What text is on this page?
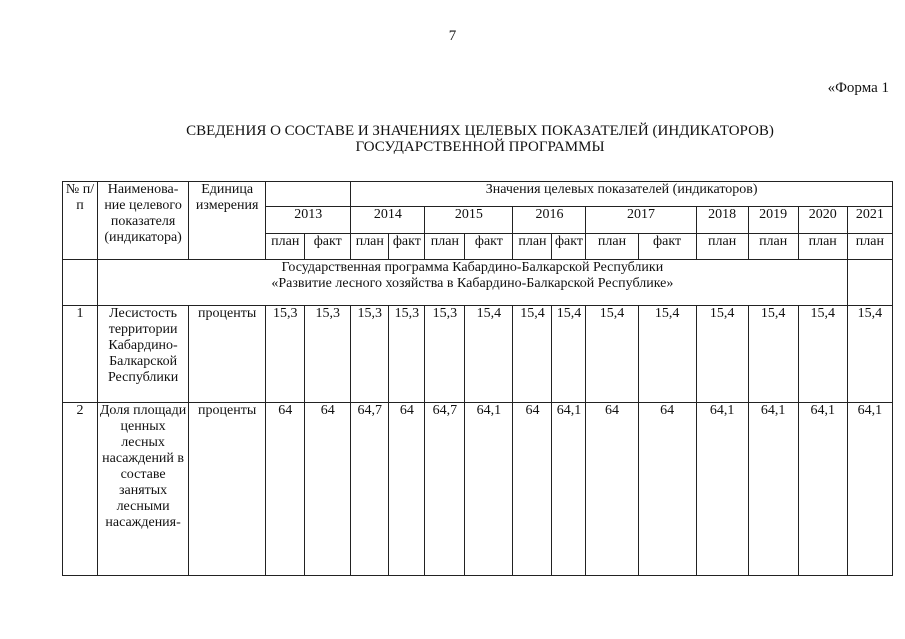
7
«Форма 1
СВЕДЕНИЯ О СОСТАВЕ И ЗНАЧЕНИЯХ ЦЕЛЕВЫХ ПОКАЗАТЕЛЕЙ (ИНДИКАТОРОВ)
ГОСУДАРСТВЕННОЙ ПРОГРАММЫ
№ п/п	Наименова-ние целевого показателя (индикатора)	Единица измерения			Значения целевых показателей (индикаторов)											
			2013		2014		2015		2016		2017		2018	2019	2020	2021
			план	факт	план	факт	план	факт	план	факт	план	факт	план	план	план	план

	Государственная программа Кабардино-Балкарской Республики
«Развитие лесного хозяйства в Кабардино-Балкарской Республике»															

1	Лесистость территории Кабардино-Балкарской Республики	проценты	15,3	15,3	15,3	15,3	15,3	15,4	15,4	15,4	15,4	15,4	15,4	15,4	15,4	15,4
2	Доля площади ценных лесных насаждений в составе занятых лесными насаждения-	проценты	64	64	64,7	64	64,7	64,1	64	64,1	64	64	64,1	64,1	64,1	64,1
